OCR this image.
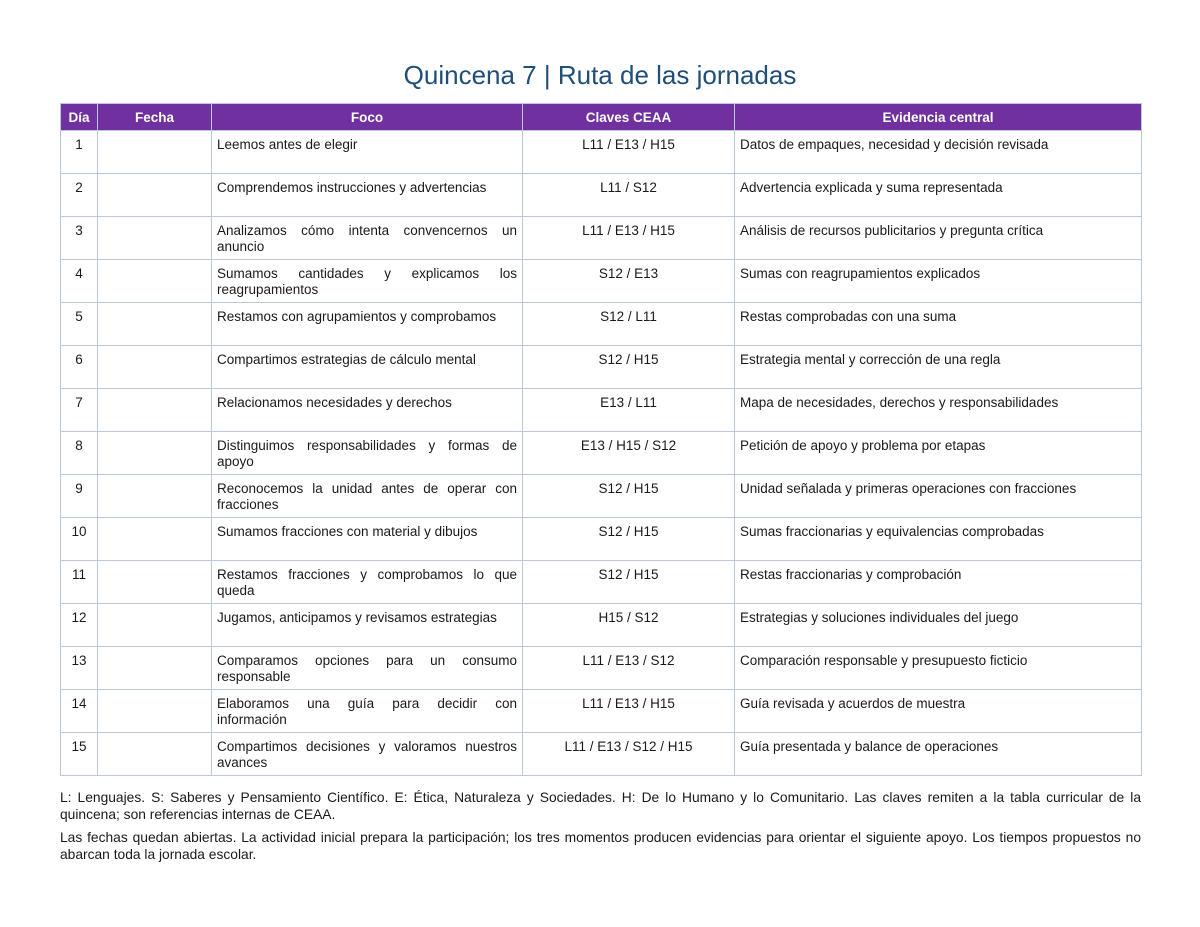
Quincena 7 | Ruta de las jornadas
Día	Fecha	Foco	Claves CEAA	Evidencia central
1		Leemos antes de elegir	L11 / E13 / H15	Datos de empaques, necesidad y decisión revisada
2		Comprendemos instrucciones y advertencias	L11 / S12	Advertencia explicada y suma representada
3		Analizamos cómo intenta convencernos un anuncio	L11 / E13 / H15	Análisis de recursos publicitarios y pregunta crítica
4		Sumamos cantidades y explicamos los reagrupamientos	S12 / E13	Sumas con reagrupamientos explicados
5		Restamos con agrupamientos y comprobamos	S12 / L11	Restas comprobadas con una suma
6		Compartimos estrategias de cálculo mental	S12 / H15	Estrategia mental y corrección de una regla
7		Relacionamos necesidades y derechos	E13 / L11	Mapa de necesidades, derechos y responsabilidades
8		Distinguimos responsabilidades y formas de apoyo	E13 / H15 / S12	Petición de apoyo y problema por etapas
9		Reconocemos la unidad antes de operar con fracciones	S12 / H15	Unidad señalada y primeras operaciones con fracciones
10		Sumamos fracciones con material y dibujos	S12 / H15	Sumas fraccionarias y equivalencias comprobadas
11		Restamos fracciones y comprobamos lo que queda	S12 / H15	Restas fraccionarias y comprobación
12		Jugamos, anticipamos y revisamos estrategias	H15 / S12	Estrategias y soluciones individuales del juego
13		Comparamos opciones para un consumo responsable	L11 / E13 / S12	Comparación responsable y presupuesto ficticio
14		Elaboramos una guía para decidir con información	L11 / E13 / H15	Guía revisada y acuerdos de muestra
15		Compartimos decisiones y valoramos nuestros avances	L11 / E13 / S12 / H15	Guía presentada y balance de operaciones

L: Lenguajes. S: Saberes y Pensamiento Científico. E: Ética, Naturaleza y Sociedades. H: De lo Humano y lo Comunitario. Las claves remiten a la tabla curricular de la quincena; son referencias internas de CEAA.

Las fechas quedan abiertas. La actividad inicial prepara la participación; los tres momentos producen evidencias para orientar el siguiente apoyo. Los tiempos propuestos no abarcan toda la jornada escolar.
